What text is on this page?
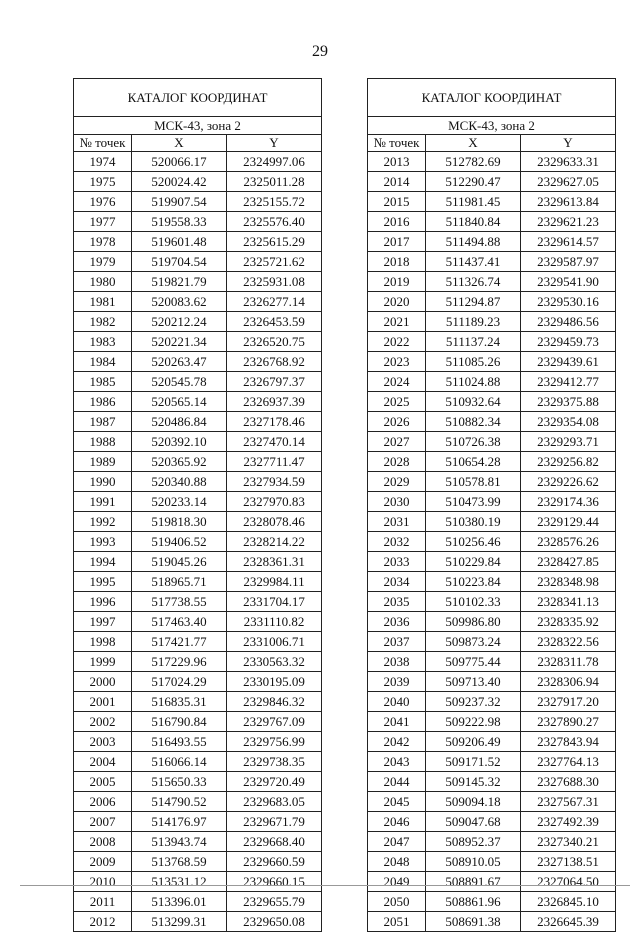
29
КАТАЛОГ КООРДИНАТ		
МСК-43, зона 2		
№ точек	X	Y
1974	520066.17	2324997.06
1975	520024.42	2325011.28
1976	519907.54	2325155.72
1977	519558.33	2325576.40
1978	519601.48	2325615.29
1979	519704.54	2325721.62
1980	519821.79	2325931.08
1981	520083.62	2326277.14
1982	520212.24	2326453.59
1983	520221.34	2326520.75
1984	520263.47	2326768.92
1985	520545.78	2326797.37
1986	520565.14	2326937.39
1987	520486.84	2327178.46
1988	520392.10	2327470.14
1989	520365.92	2327711.47
1990	520340.88	2327934.59
1991	520233.14	2327970.83
1992	519818.30	2328078.46
1993	519406.52	2328214.22
1994	519045.26	2328361.31
1995	518965.71	2329984.11
1996	517738.55	2331704.17
1997	517463.40	2331110.82
1998	517421.77	2331006.71
1999	517229.96	2330563.32
2000	517024.29	2330195.09
2001	516835.31	2329846.32
2002	516790.84	2329767.09
2003	516493.55	2329756.99
2004	516066.14	2329738.35
2005	515650.33	2329720.49
2006	514790.52	2329683.05
2007	514176.97	2329671.79
2008	513943.74	2329668.40
2009	513768.59	2329660.59
2010	513531.12	2329660.15
2011	513396.01	2329655.79
2012	513299.31	2329650.08
КАТАЛОГ КООРДИНАТ		
МСК-43, зона 2		
№ точек	X	Y
2013	512782.69	2329633.31
2014	512290.47	2329627.05
2015	511981.45	2329613.84
2016	511840.84	2329621.23
2017	511494.88	2329614.57
2018	511437.41	2329587.97
2019	511326.74	2329541.90
2020	511294.87	2329530.16
2021	511189.23	2329486.56
2022	511137.24	2329459.73
2023	511085.26	2329439.61
2024	511024.88	2329412.77
2025	510932.64	2329375.88
2026	510882.34	2329354.08
2027	510726.38	2329293.71
2028	510654.28	2329256.82
2029	510578.81	2329226.62
2030	510473.99	2329174.36
2031	510380.19	2329129.44
2032	510256.46	2328576.26
2033	510229.84	2328427.85
2034	510223.84	2328348.98
2035	510102.33	2328341.13
2036	509986.80	2328335.92
2037	509873.24	2328322.56
2038	509775.44	2328311.78
2039	509713.40	2328306.94
2040	509237.32	2327917.20
2041	509222.98	2327890.27
2042	509206.49	2327843.94
2043	509171.52	2327764.13
2044	509145.32	2327688.30
2045	509094.18	2327567.31
2046	509047.68	2327492.39
2047	508952.37	2327340.21
2048	508910.05	2327138.51
2049	508891.67	2327064.50
2050	508861.96	2326845.10
2051	508691.38	2326645.39
